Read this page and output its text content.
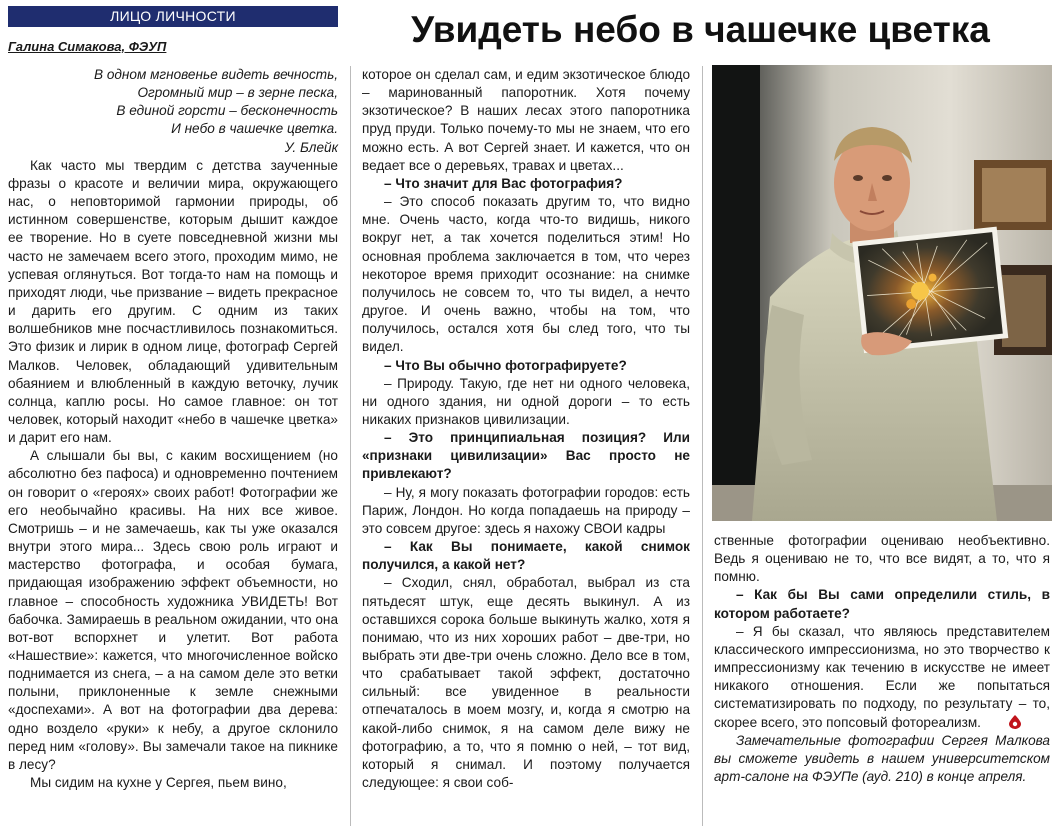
ЛИЦО ЛИЧНОСТИ	Увидеть небо в чашечке цветка
Галина Симакова, ФЭУП

В одном мгновенье видеть вечность,

Огромный мир – в зерне песка,

В единой горсти – бесконечность

И небо в чашечке цветка.

У. Блейк

Как часто мы твердим с детства заученные фразы о красоте и величии мира, окружающего нас, о неповторимой гармонии природы, об истинном совершенстве, которым дышит каждое ее творение. Но в суете повседневной жизни мы часто не замечаем всего этого, проходим мимо, не успевая оглянуться. Вот тогда-то нам на помощь и приходят люди, чье призвание – видеть прекрасное и дарить его другим. С одним из таких волшебников мне посчастливилось познакомиться. Это физик и лирик в одном лице, фотограф Сергей Малков. Человек, обладающий удивительным обаянием и влюбленный в каждую веточку, лучик солнца, каплю росы. Но самое главное: он тот человек, который находит «небо в чашечке цветка» и дарит его нам.

А слышали бы вы, с каким восхищением (но абсолютно без пафоса) и одновременно почтением он говорит о «героях» своих работ! Фотографии же его необычайно красивы. На них все живое. Смотришь – и не замечаешь, как ты уже оказался внутри этого мира... Здесь свою роль играют и мастерство фотографа, и особая бумага, придающая изображению эффект объемности, но главное – способность художника УВИДЕТЬ! Вот бабочка. Замираешь в реальном ожидании, что она вот-вот вспорхнет и улетит. Вот работа «Нашествие»: кажется, что многочисленное войско поднимается из снега, – а на самом деле это ветки полыни, приклоненные к земле снежными «доспехами». А вот на фотографии два дерева: одно воздело «руки» к небу, а другое склонило перед ним «голову». Вы замечали такое на пикнике в лесу?

Мы сидим на кухне у Сергея, пьем вино,

которое он сделал сам, и едим экзотическое блюдо – маринованный папоротник. Хотя почему экзотическое? В наших лесах этого папоротника пруд пруди. Только почему-то мы не знаем, что его можно есть. А вот Сергей знает. И кажется, что он ведает все о деревьях, травах и цветах...

– Что значит для Вас фотография?

– Это способ показать другим то, что видно мне. Очень часто, когда что-то видишь, никого вокруг нет, а так хочется поделиться этим! Но основная проблема заключается в том, что через некоторое время приходит осознание: на снимке получилось не совсем то, что ты видел, а нечто другое. И очень важно, чтобы на том, что получилось, остался хотя бы след того, что ты видел.

– Что Вы обычно фотографируете?

– Природу. Такую, где нет ни одного человека, ни одного здания, ни одной дороги – то есть никаких признаков цивилизации.

– Это принципиальная позиция? Или «признаки цивилизации» Вас просто не привлекают?

– Ну, я могу показать фотографии городов: есть Париж, Лондон. Но когда попадаешь на природу – это совсем другое: здесь я нахожу СВОИ кадры

– Как Вы понимаете, какой снимок получился, а какой нет?

– Сходил, снял, обработал, выбрал из ста пятьдесят штук, еще десять выкинул. А из оставшихся сорока больше выкинуть жалко, хотя я понимаю, что из них хороших работ – две-три, но выбрать эти две-три очень сложно. Дело все в том, что срабатывает такой эффект, достаточно сильный: все увиденное в реальности отпечаталось в моем мозгу, и, когда я смотрю на какой-либо снимок, я на самом деле вижу не фотографию, а то, что я помню о ней, – тот вид, который я снимал. И поэтому получается следующее: я свои соб-

ственные фотографии оцениваю необъективно. Ведь я оцениваю не то, что все видят, а то, что я помню.

– Как бы Вы сами определили стиль, в котором работаете?

– Я бы сказал, что являюсь представителем классического импрессионизма, но это творчество к импрессионизму как течению в искусстве не имеет никакого отношения. Если же попытаться систематизировать по подходу, по результату – то, скорее всего, это попсовый фотореализм.

Замечательные фотографии Сергея Малкова вы сможете увидеть в нашем университетском арт-салоне на ФЭУПе (ауд. 210) в конце апреля.
